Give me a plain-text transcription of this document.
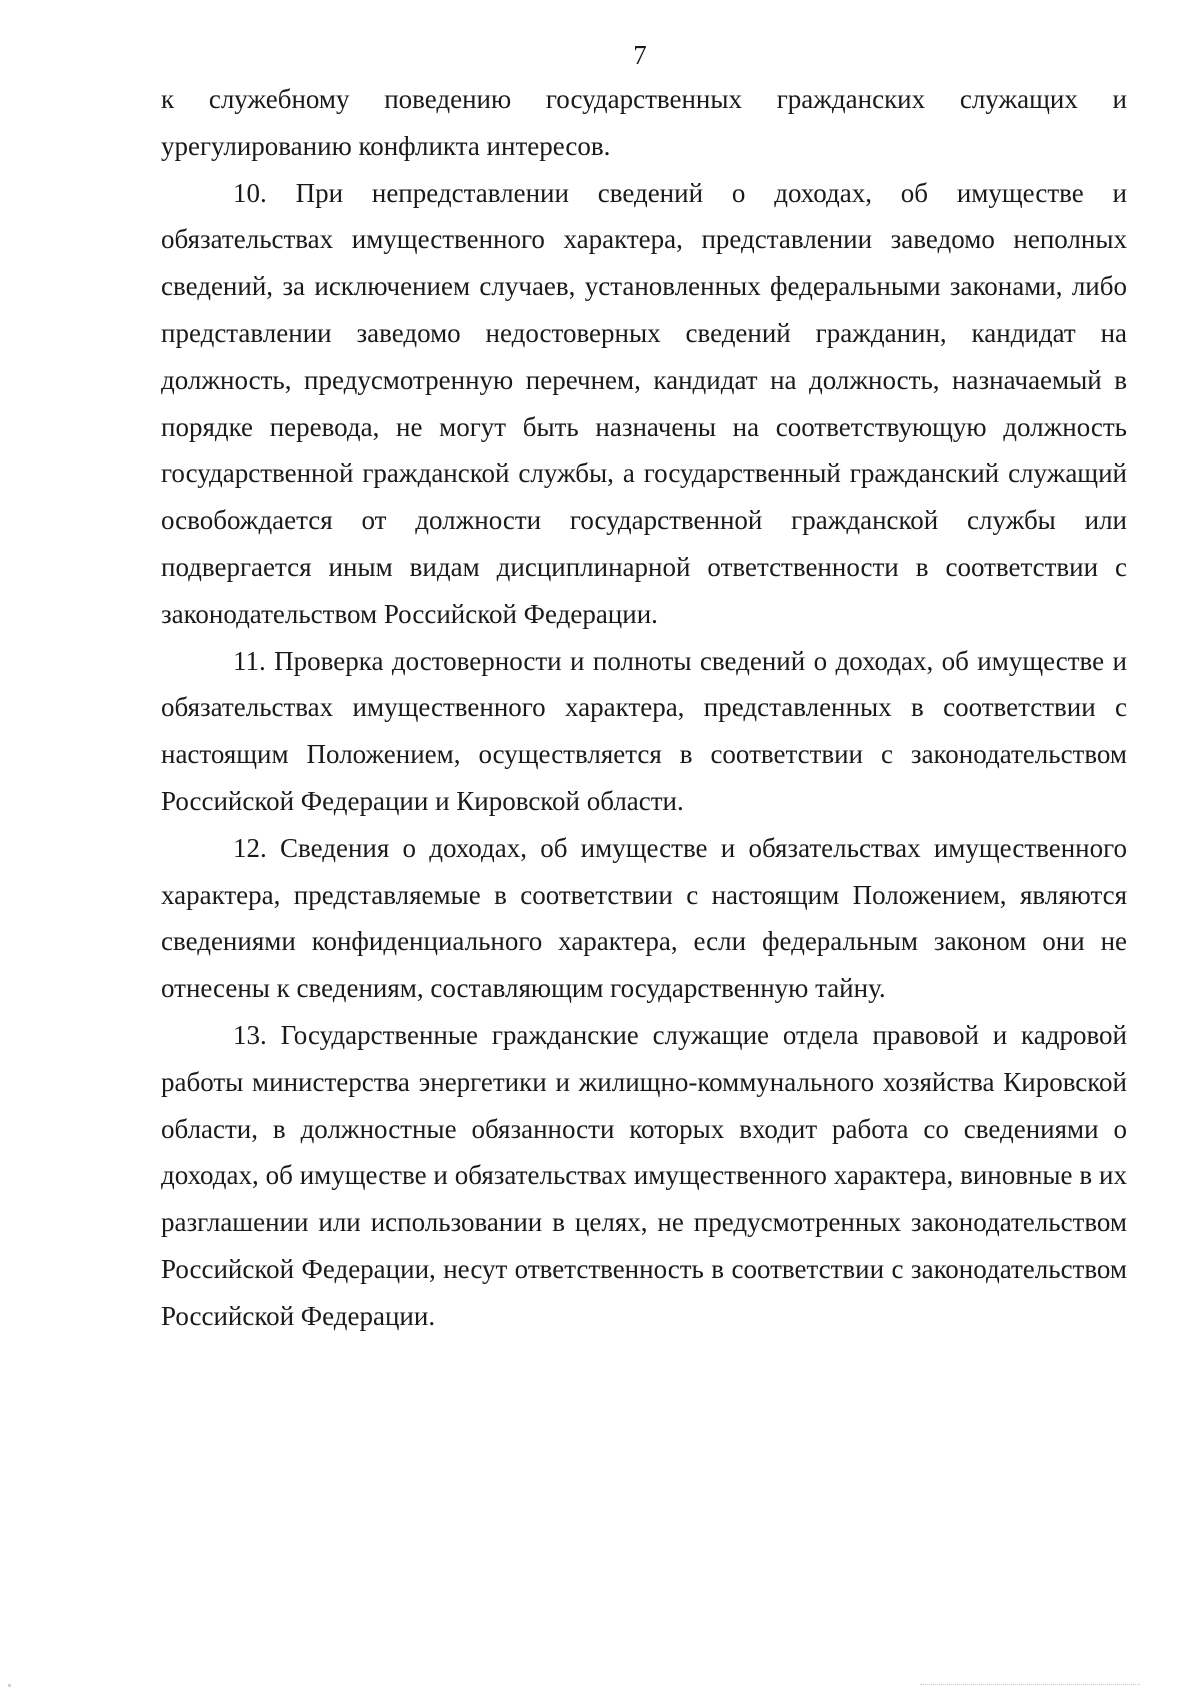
7

к служебному поведению государственных гражданских служащих и урегулированию конфликта интересов.

10. При непредставлении сведений о доходах, об имуществе и обязательствах имущественного характера, представлении заведомо неполных сведений, за исключением случаев, установленных федеральными законами, либо представлении заведомо недостоверных сведений гражданин, кандидат на должность, предусмотренную перечнем, кандидат на должность, назначаемый в порядке перевода, не могут быть назначены на соответствующую должность государственной гражданской службы, а государственный гражданский служащий освобождается от должности государственной гражданской службы или подвергается иным видам дисциплинарной ответственности в соответствии с законодательством Российской Федерации.

11. Проверка достоверности и полноты сведений о доходах, об имуществе и обязательствах имущественного характера, представленных в соответствии с настоящим Положением, осуществляется в соответствии с законодательством Российской Федерации и Кировской области.

12. Сведения о доходах, об имуществе и обязательствах имущественного характера, представляемые в соответствии с настоящим Положением, являются сведениями конфиденциального характера, если федеральным законом они не отнесены к сведениям, составляющим государственную тайну.

13. Государственные гражданские служащие отдела правовой и кадровой работы министерства энергетики и жилищно-коммунального хозяйства Кировской области, в должностные обязанности которых входит работа со сведениями о доходах, об имуществе и обязательствах имущественного характера, виновные в их разглашении или использовании в целях, не предусмотренных законодательством Российской Федерации, несут ответственность в соответствии с законодательством Российской Федерации.
